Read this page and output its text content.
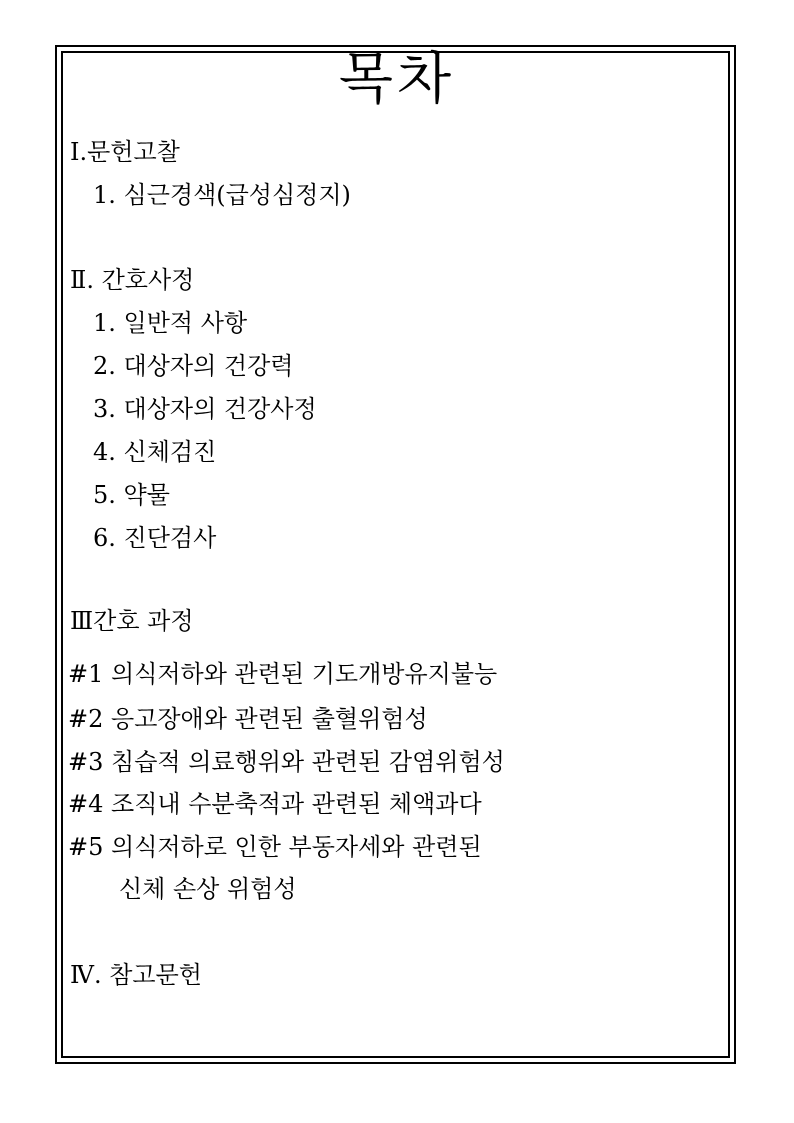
목차
Ⅰ.문헌고찰
1. 심근경색(급성심정지)
Ⅱ. 간호사정
1. 일반적 사항
2. 대상자의 건강력
3. 대상자의 건강사정
4. 신체검진
5. 약물
6. 진단검사
Ⅲ간호 과정
#1 의식저하와 관련된 기도개방유지불능
#2 응고장애와 관련된 출혈위험성
#3 침습적 의료행위와 관련된 감염위험성
#4 조직내 수분축적과 관련된 체액과다
#5 의식저하로 인한 부동자세와 관련된
신체 손상 위험성
Ⅳ. 참고문헌
